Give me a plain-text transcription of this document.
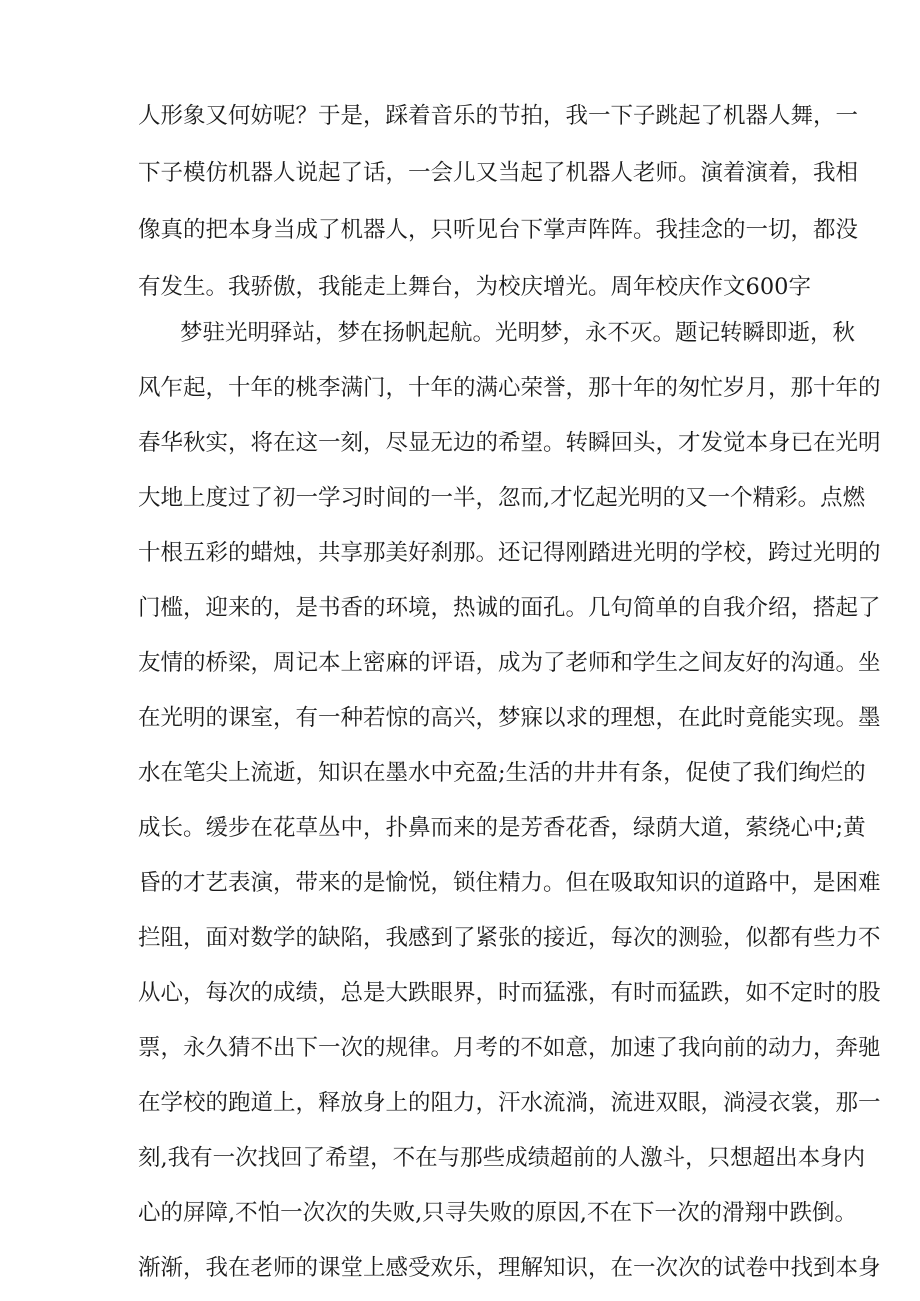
人形象又何妨呢？于是，踩着音乐的节拍，我一下子跳起了机器人舞，一
下子模仿机器人说起了话，一会儿又当起了机器人老师。演着演着，我相
像真的把本身当成了机器人，只听见台下掌声阵阵。我挂念的一切，都没
有发生。我骄傲，我能走上舞台，为校庆增光。周年校庆作文600字
梦驻光明驿站，梦在扬帆起航。光明梦，永不灭。题记转瞬即逝，秋
风乍起，十年的桃李满门，十年的满心荣誉，那十年的匆忙岁月，那十年的
春华秋实，将在这一刻，尽显无边的希望。转瞬回头，才发觉本身已在光明
大地上度过了初一学习时间的一半，忽而,才忆起光明的又一个精彩。点燃
十根五彩的蜡烛，共享那美好刹那。还记得刚踏进光明的学校，跨过光明的
门槛，迎来的，是书香的环境，热诚的面孔。几句简单的自我介绍，搭起了
友情的桥梁，周记本上密麻的评语，成为了老师和学生之间友好的沟通。坐
在光明的课室，有一种若惊的高兴，梦寐以求的理想，在此时竟能实现。墨
水在笔尖上流逝，知识在墨水中充盈;生活的井井有条，促使了我们绚烂的
成长。缓步在花草丛中，扑鼻而来的是芳香花香，绿荫大道，萦绕心中;黄
昏的才艺表演，带来的是愉悦，锁住精力。但在吸取知识的道路中，是困难
拦阻，面对数学的缺陷，我感到了紧张的接近，每次的测验，似都有些力不
从心，每次的成绩，总是大跌眼界，时而猛涨，有时而猛跌，如不定时的股
票，永久猜不出下一次的规律。月考的不如意，加速了我向前的动力，奔驰
在学校的跑道上，释放身上的阻力，汗水流淌，流进双眼，淌浸衣裳，那一
刻,我有一次找回了希望，不在与那些成绩超前的人激斗，只想超出本身内
心的屏障,不怕一次次的失败,只寻失败的原因,不在下一次的滑翔中跌倒。
渐渐，我在老师的课堂上感受欢乐，理解知识，在一次次的试卷中找到本身
